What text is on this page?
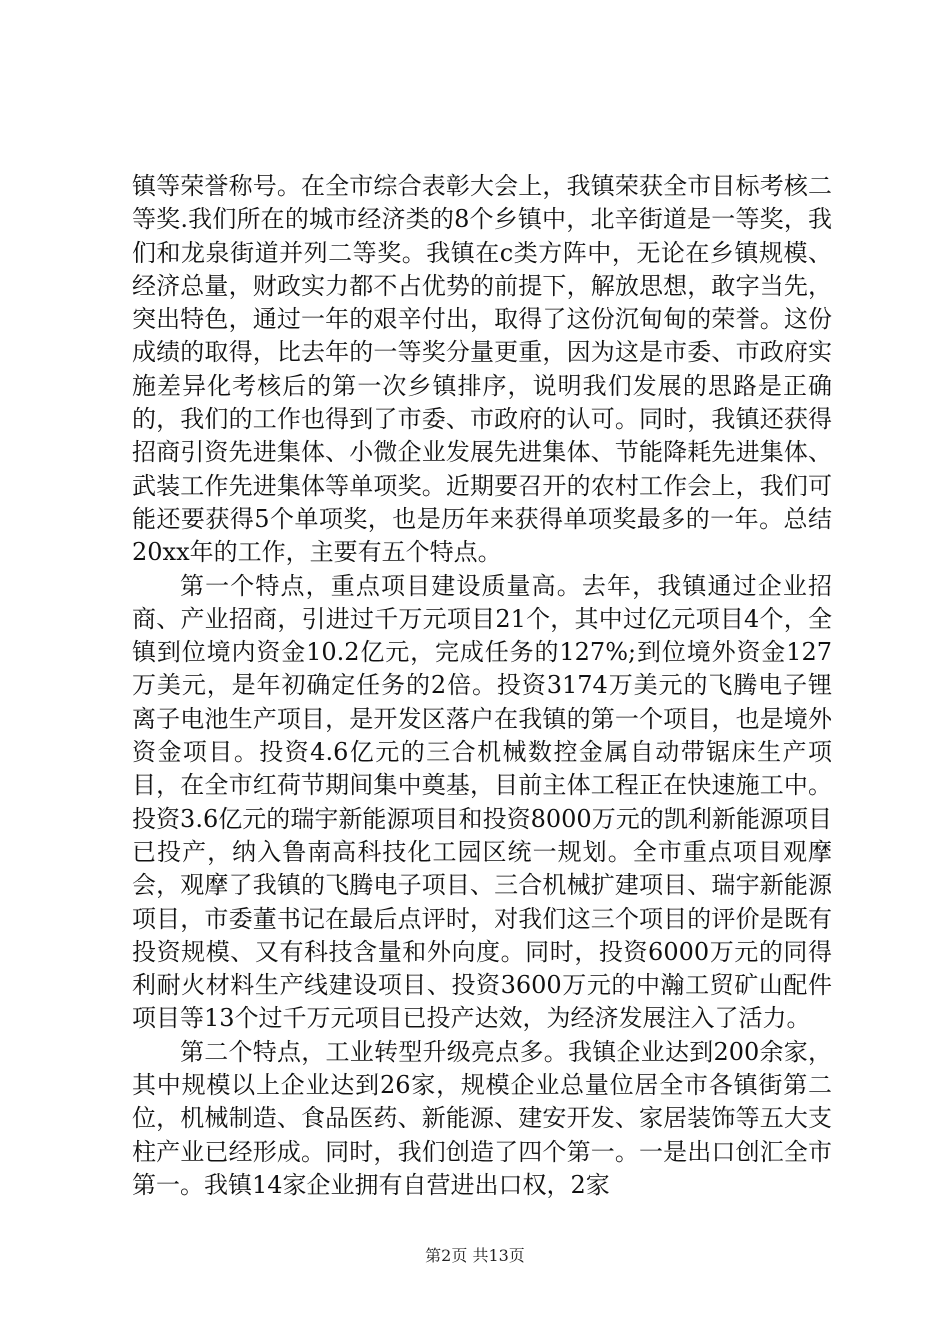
镇等荣誉称号。在全市综合表彰大会上，我镇荣获全市目标考核二等奖.我们所在的城市经济类的8个乡镇中，北辛街道是一等奖，我们和龙泉街道并列二等奖。我镇在c类方阵中，无论在乡镇规模、经济总量，财政实力都不占优势的前提下，解放思想，敢字当先，突出特色，通过一年的艰辛付出，取得了这份沉甸甸的荣誉。这份成绩的取得，比去年的一等奖分量更重，因为这是市委、市政府实施差异化考核后的第一次乡镇排序，说明我们发展的思路是正确的，我们的工作也得到了市委、市政府的认可。同时，我镇还获得招商引资先进集体、小微企业发展先进集体、节能降耗先进集体、武装工作先进集体等单项奖。近期要召开的农村工作会上，我们可能还要获得5个单项奖，也是历年来获得单项奖最多的一年。总结20xx年的工作，主要有五个特点。

第一个特点，重点项目建设质量高。去年，我镇通过企业招商、产业招商，引进过千万元项目21个，其中过亿元项目4个，全镇到位境内资金10.2亿元，完成任务的127%;到位境外资金127万美元，是年初确定任务的2倍。投资3174万美元的飞腾电子锂离子电池生产项目，是开发区落户在我镇的第一个项目，也是境外资金项目。投资4.6亿元的三合机械数控金属自动带锯床生产项目，在全市红荷节期间集中奠基，目前主体工程正在快速施工中。投资3.6亿元的瑞宇新能源项目和投资8000万元的凯利新能源项目已投产，纳入鲁南高科技化工园区统一规划。全市重点项目观摩会，观摩了我镇的飞腾电子项目、三合机械扩建项目、瑞宇新能源项目，市委董书记在最后点评时，对我们这三个项目的评价是既有投资规模、又有科技含量和外向度。同时，投资6000万元的同得利耐火材料生产线建设项目、投资3600万元的中瀚工贸矿山配件项目等13个过千万元项目已投产达效，为经济发展注入了活力。

第二个特点，工业转型升级亮点多。我镇企业达到200余家，其中规模以上企业达到26家，规模企业总量位居全市各镇街第二位，机械制造、食品医药、新能源、建安开发、家居装饰等五大支柱产业已经形成。同时，我们创造了四个第一。一是出口创汇全市第一。我镇14家企业拥有自营进出口权，2家

第2页 共13页
